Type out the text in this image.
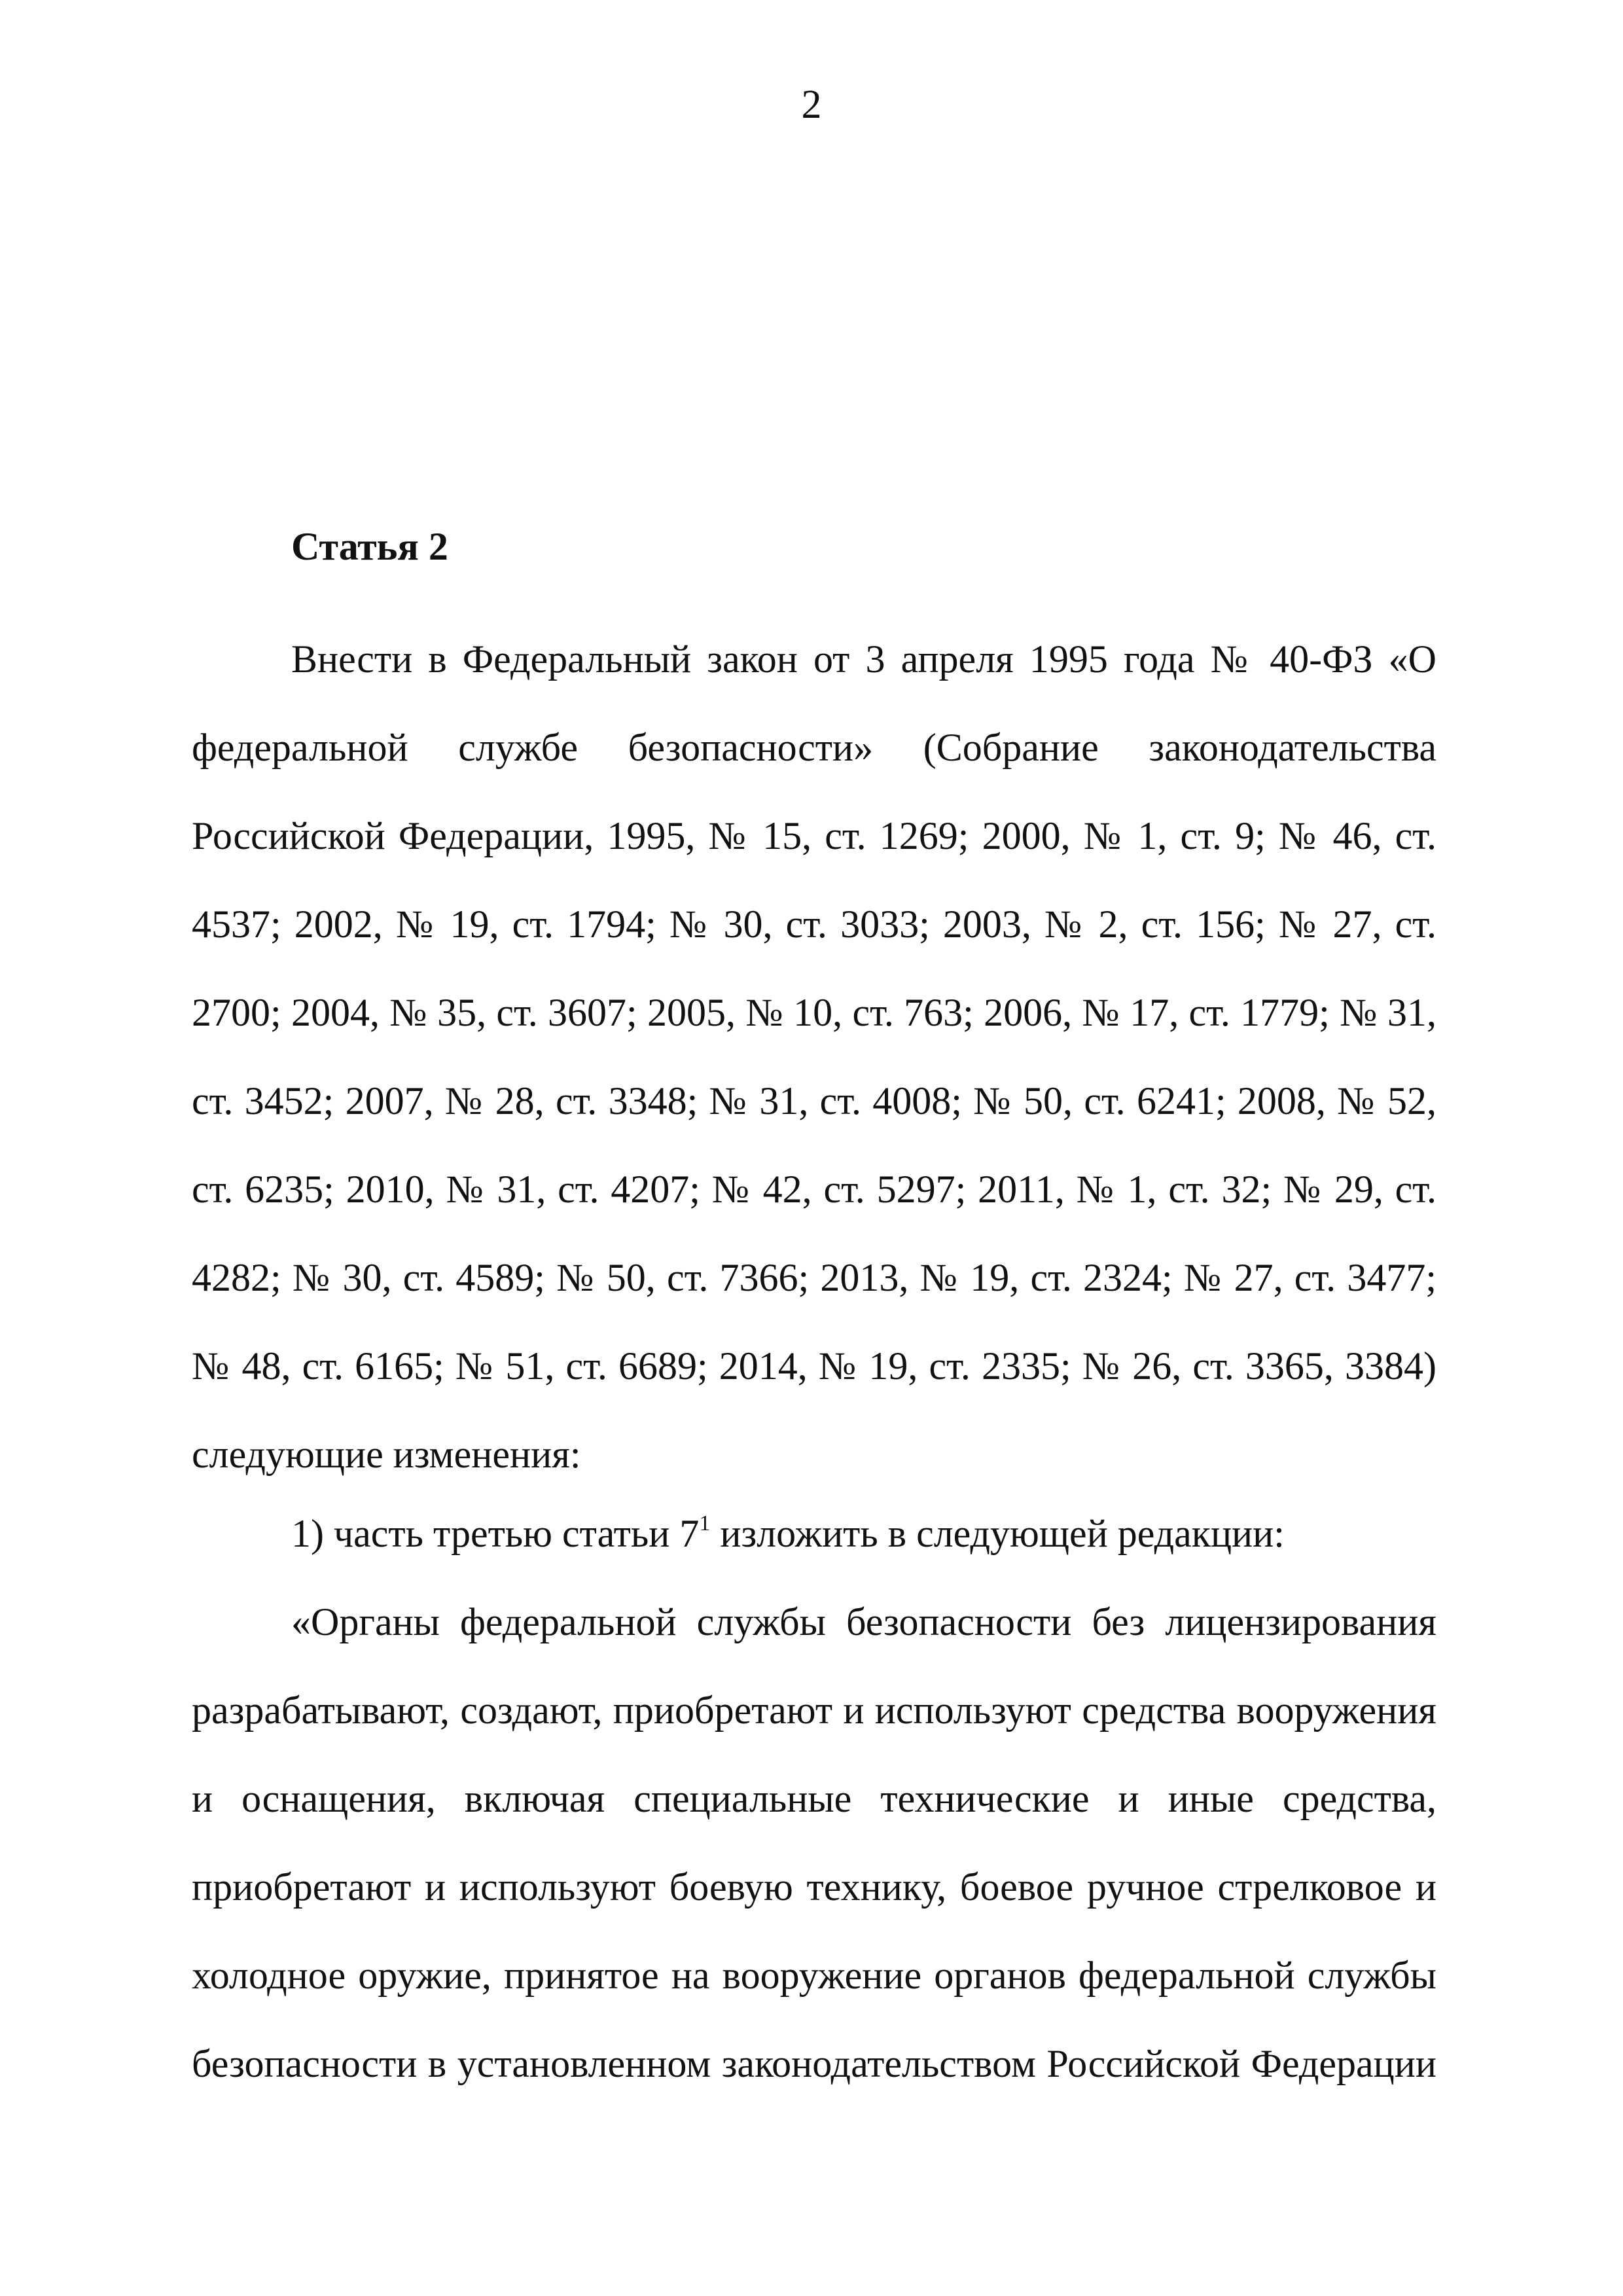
2
Статья 2

Внести в Федеральный закон от 3 апреля 1995 года № 40-ФЗ «О федеральной службе безопасности» (Собрание законодательства Российской Федерации, 1995, № 15, ст. 1269; 2000, № 1, ст. 9; № 46, ст. 4537; 2002, № 19, ст. 1794; № 30, ст. 3033; 2003, № 2, ст. 156; № 27, ст. 2700; 2004, № 35, ст. 3607; 2005, № 10, ст. 763; 2006, № 17, ст. 1779; № 31, ст. 3452; 2007, № 28, ст. 3348; № 31, ст. 4008; № 50, ст. 6241; 2008, № 52, ст. 6235; 2010, № 31, ст. 4207; № 42, ст. 5297; 2011, № 1, ст. 32; № 29, ст. 4282; № 30, ст. 4589; № 50, ст. 7366; 2013, № 19, ст. 2324; № 27, ст. 3477; № 48, ст. 6165; № 51, ст. 6689; 2014, № 19, ст. 2335; № 26, ст. 3365, 3384) следующие изменения:

1) часть третью статьи $7^1$ изложить в следующей редакции:

«Органы федеральной службы безопасности без лицензирования разрабатывают, создают, приобретают и используют средства вооружения и оснащения, включая специальные технические и иные средства, приобретают и используют боевую технику, боевое ручное стрелковое и холодное оружие, принятое на вооружение органов федеральной службы безопасности в установленном законодательством Российской Федерации
